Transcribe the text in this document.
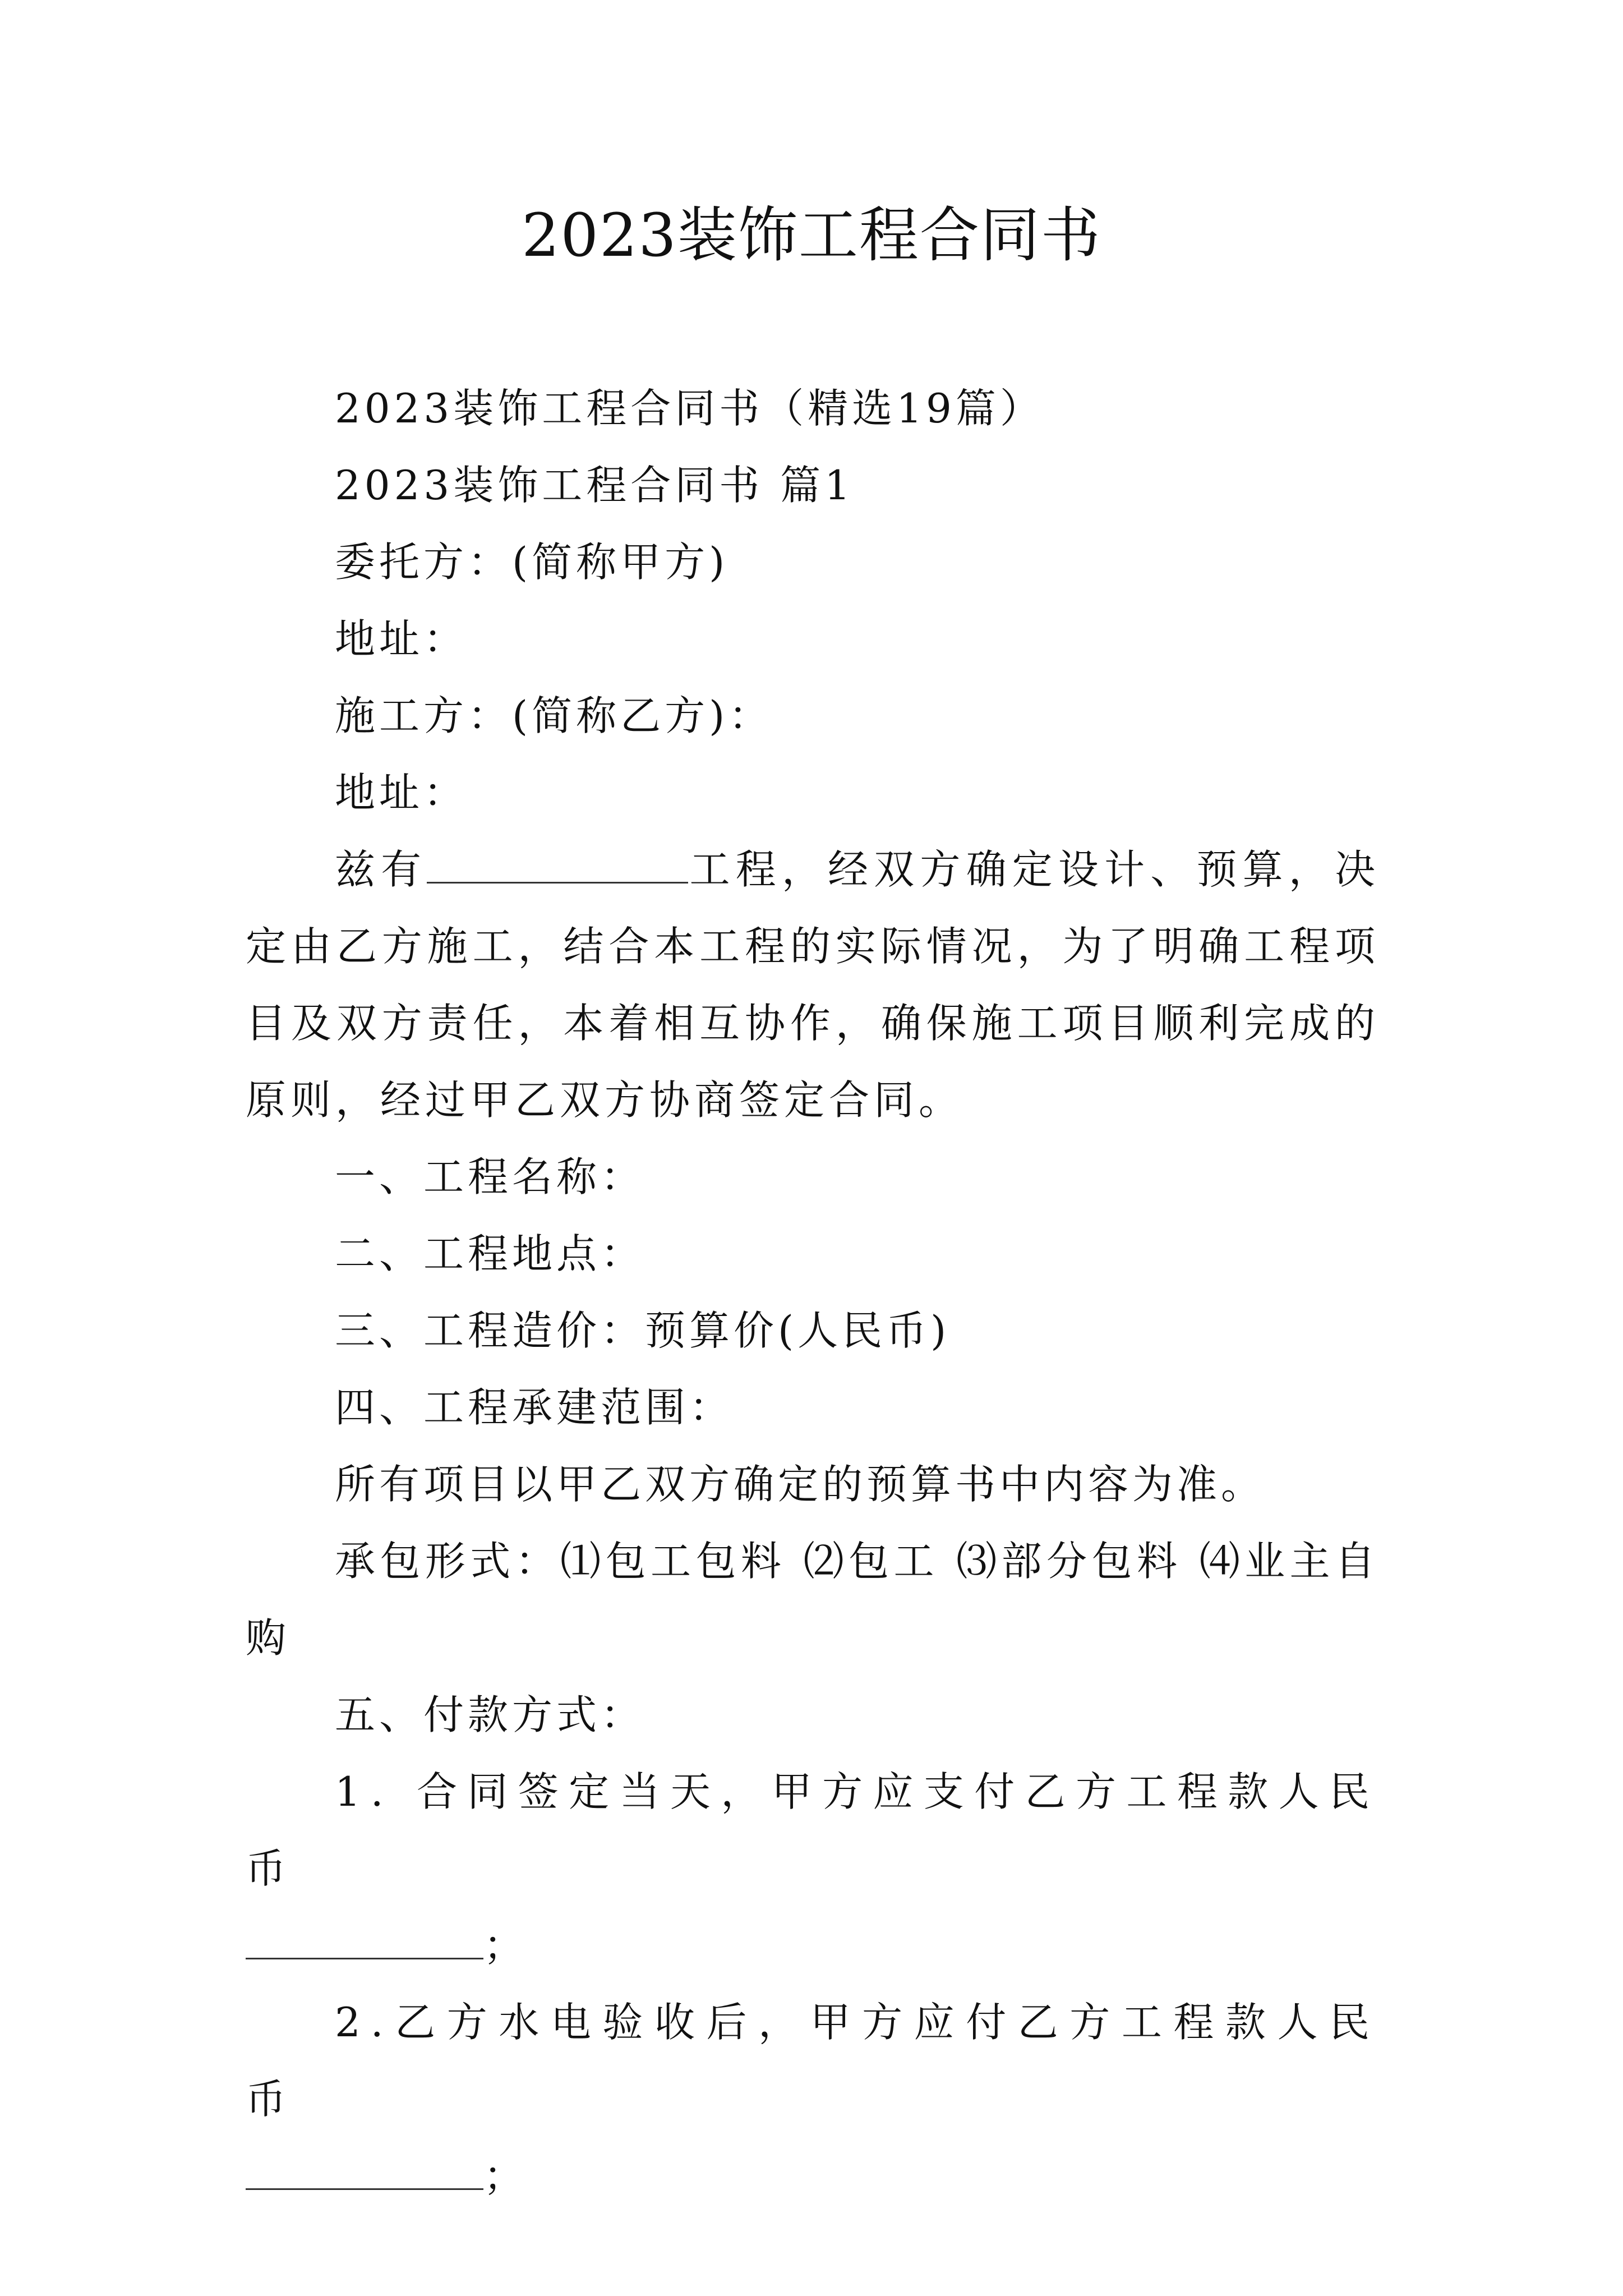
2023装饰工程合同书

2023装饰工程合同书（精选19篇）

2023装饰工程合同书 篇1

委托方：(简称甲方)

地址：

施工方：(简称乙方)：

地址：

兹有	工程，经双方确定设计、预算，决定由乙方施工，结合本工程的实际情况，为了明确工程项目及双方责任，本着相互协作，确保施工项目顺利完成的原则，经过甲乙双方协商签定合同。

一、工程名称：

二、工程地点：

三、工程造价：预算价(人民币)

四、工程承建范围：

所有项目以甲乙双方确定的预算书中内容为准。

承包形式：⑴包工包料 ⑵包工 ⑶部分包料 ⑷业主自购

五、付款方式：

1. 合同签定当天，甲方应支付乙方工程款人民币

；

2.乙方水电验收后，甲方应付乙方工程款人民币

；
